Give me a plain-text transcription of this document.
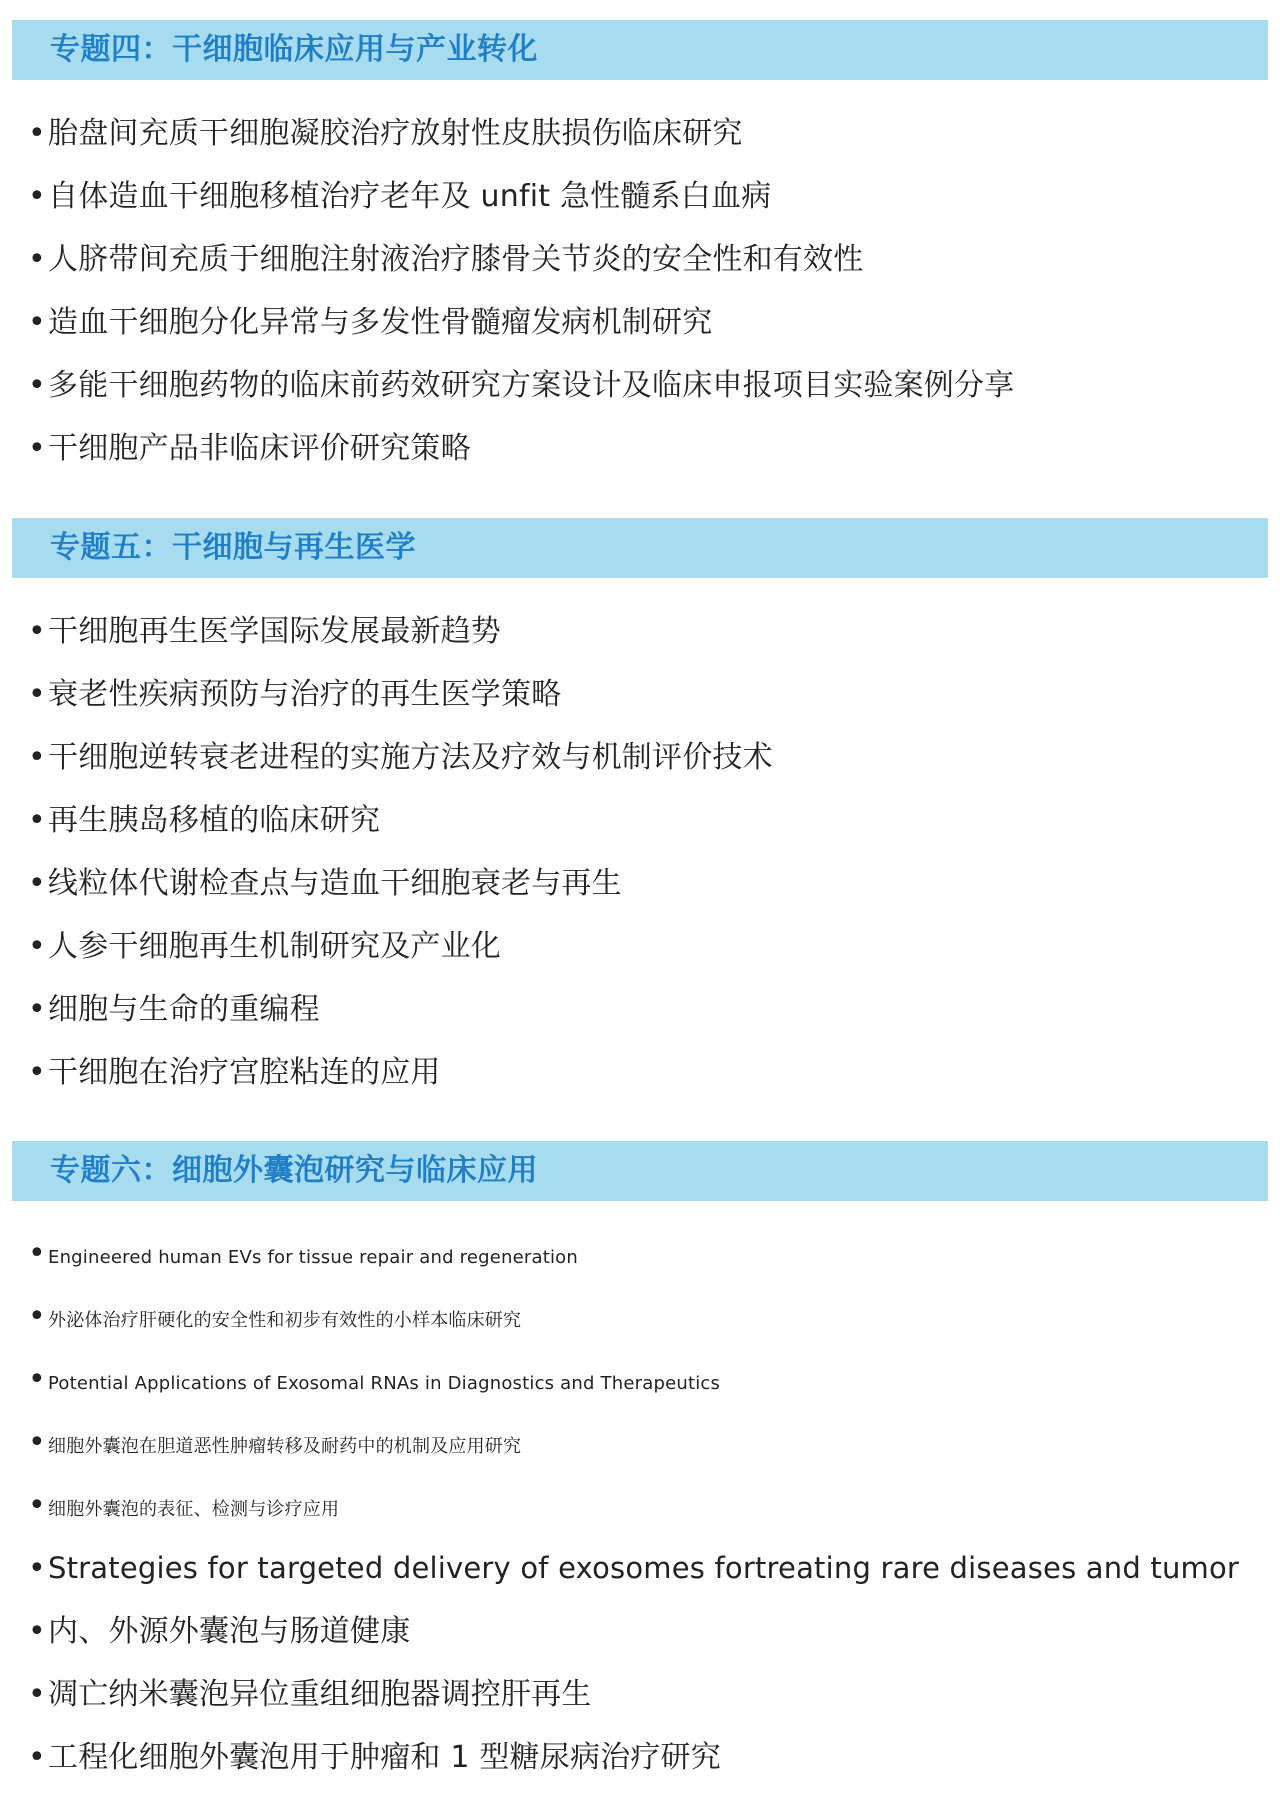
专题四：干细胞临床应用与产业转化
•胎盘间充质干细胞凝胶治疗放射性皮肤损伤临床研究
•自体造血干细胞移植治疗老年及 unfit 急性髓系白血病
•人脐带间充质于细胞注射液治疗膝骨关节炎的安全性和有效性
•造血干细胞分化异常与多发性骨髓瘤发病机制研究
•多能干细胞药物的临床前药效研究方案设计及临床申报项目实验案例分享
•干细胞产品非临床评价研究策略
专题五：干细胞与再生医学
•干细胞再生医学国际发展最新趋势
•衰老性疾病预防与治疗的再生医学策略
•干细胞逆转衰老进程的实施方法及疗效与机制评价技术
•再生胰岛移植的临床研究
•线粒体代谢检查点与造血干细胞衰老与再生
•人参干细胞再生机制研究及产业化
•细胞与生命的重编程
•干细胞在治疗宫腔粘连的应用
专题六：细胞外囊泡研究与临床应用
• Engineered human EVs for tissue repair and regeneration
• 外泌体治疗肝硬化的安全性和初步有效性的小样本临床研究
• Potential Applications of Exosomal RNAs in Diagnostics and Therapeutics
• 细胞外囊泡在胆道恶性肿瘤转移及耐药中的机制及应用研究
• 细胞外囊泡的表征、检测与诊疗应用
•Strategies for targeted delivery of exosomes fortreating rare diseases and tumor
•内、外源外囊泡与肠道健康
•凋亡纳米囊泡异位重组细胞器调控肝再生
•工程化细胞外囊泡用于肿瘤和 1 型糖尿病治疗研究
